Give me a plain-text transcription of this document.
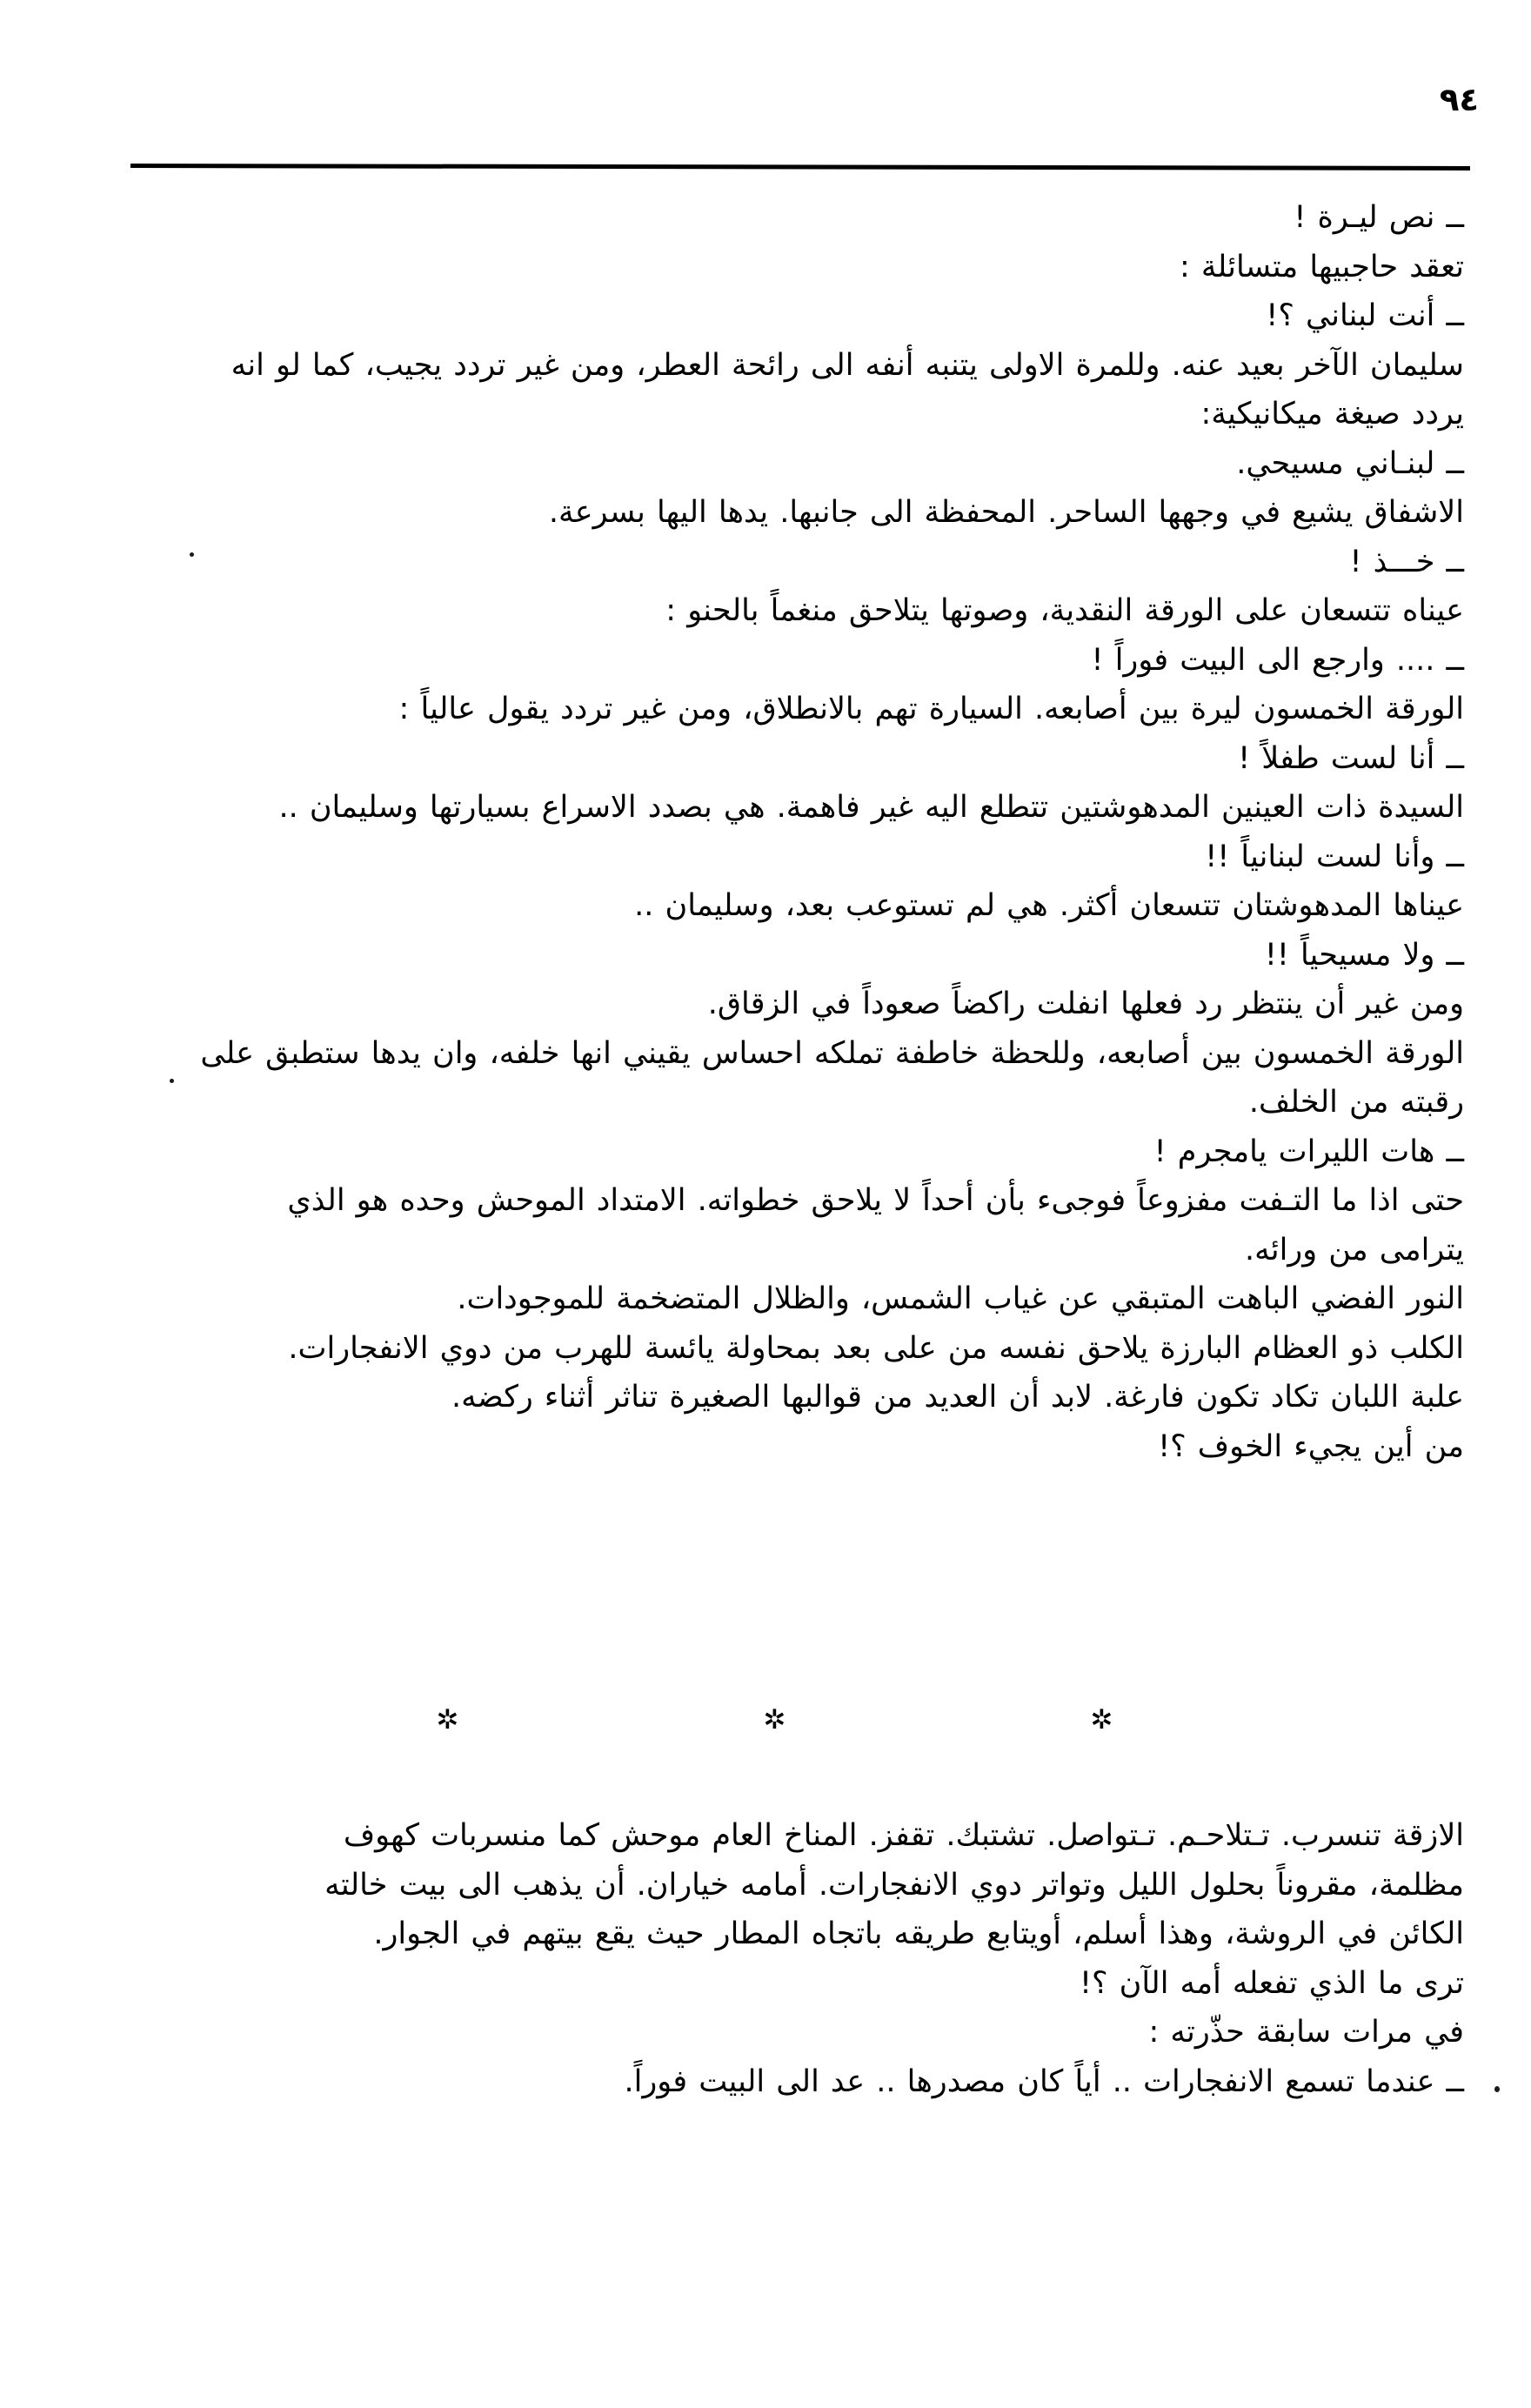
٩٤
ــ نص ليـرة !
تعقد حاجبيها متسائلة :
ــ أنت لبناني ؟!
سليمان الآخر بعيد عنه. وللمرة الاولى يتنبه أنفه الى رائحة العطر، ومن غير تردد يجيب، كما لو انه
يردد صيغة ميكانيكية:
ــ لبنـاني مسيحي.
الاشفاق يشيع في وجهها الساحر. المحفظة الى جانبها. يدها اليها بسرعة.
ــ خـــذ !
عيناه تتسعان على الورقة النقدية، وصوتها يتلاحق منغماً بالحنو :
ــ .... وارجع الى البيت فوراً !
الورقة الخمسون ليرة بين أصابعه. السيارة تهم بالانطلاق، ومن غير تردد يقول عالياً :
ــ أنا لست طفلاً !
السيدة ذات العينين المدهوشتين تتطلع اليه غير فاهمة. هي بصدد الاسراع بسيارتها وسليمان ..
ــ وأنا لست لبنانياً !!
عيناها المدهوشتان تتسعان أكثر. هي لم تستوعب بعد، وسليمان ..
ــ ولا مسيحياً !!
ومن غير أن ينتظر رد فعلها انفلت راكضاً صعوداً في الزقاق.
الورقة الخمسون بين أصابعه، وللحظة خاطفة تملكه احساس يقيني انها خلفه، وان يدها ستطبق على
رقبته من الخلف.
ــ هات الليرات يامجرم !
حتى اذا ما التـفت مفزوعاً فوجىء بأن أحداً لا يلاحق خطواته. الامتداد الموحش وحده هو الذي
يترامى من ورائه.
النور الفضي الباهت المتبقي عن غياب الشمس، والظلال المتضخمة للموجودات.
الكلب ذو العظام البارزة يلاحق نفسه من على بعد بمحاولة يائسة للهرب من دوي الانفجارات.
علبة اللبان تكاد تكون فارغة. لابد أن العديد من قوالبها الصغيرة تناثر أثناء ركضه.
من أين يجيء الخوف ؟!
✲	✲	✲
الازقة تنسرب. تـتلاحـم. تـتواصل. تشتبك. تقفز. المناخ العام موحش كما منسربات كهوف
مظلمة، مقروناً بحلول الليل وتواتر دوي الانفجارات. أمامه خياران. أن يذهب الى بيت خالته
الكائن في الروشة، وهذا أسلم، أويتابع طريقه باتجاه المطار حيث يقع بيتهم في الجوار.
ترى ما الذي تفعله أمه الآن ؟!
في مرات سابقة حذّرته :
ــ عندما تسمع الانفجارات .. أياً كان مصدرها .. عد الى البيت فوراً.
